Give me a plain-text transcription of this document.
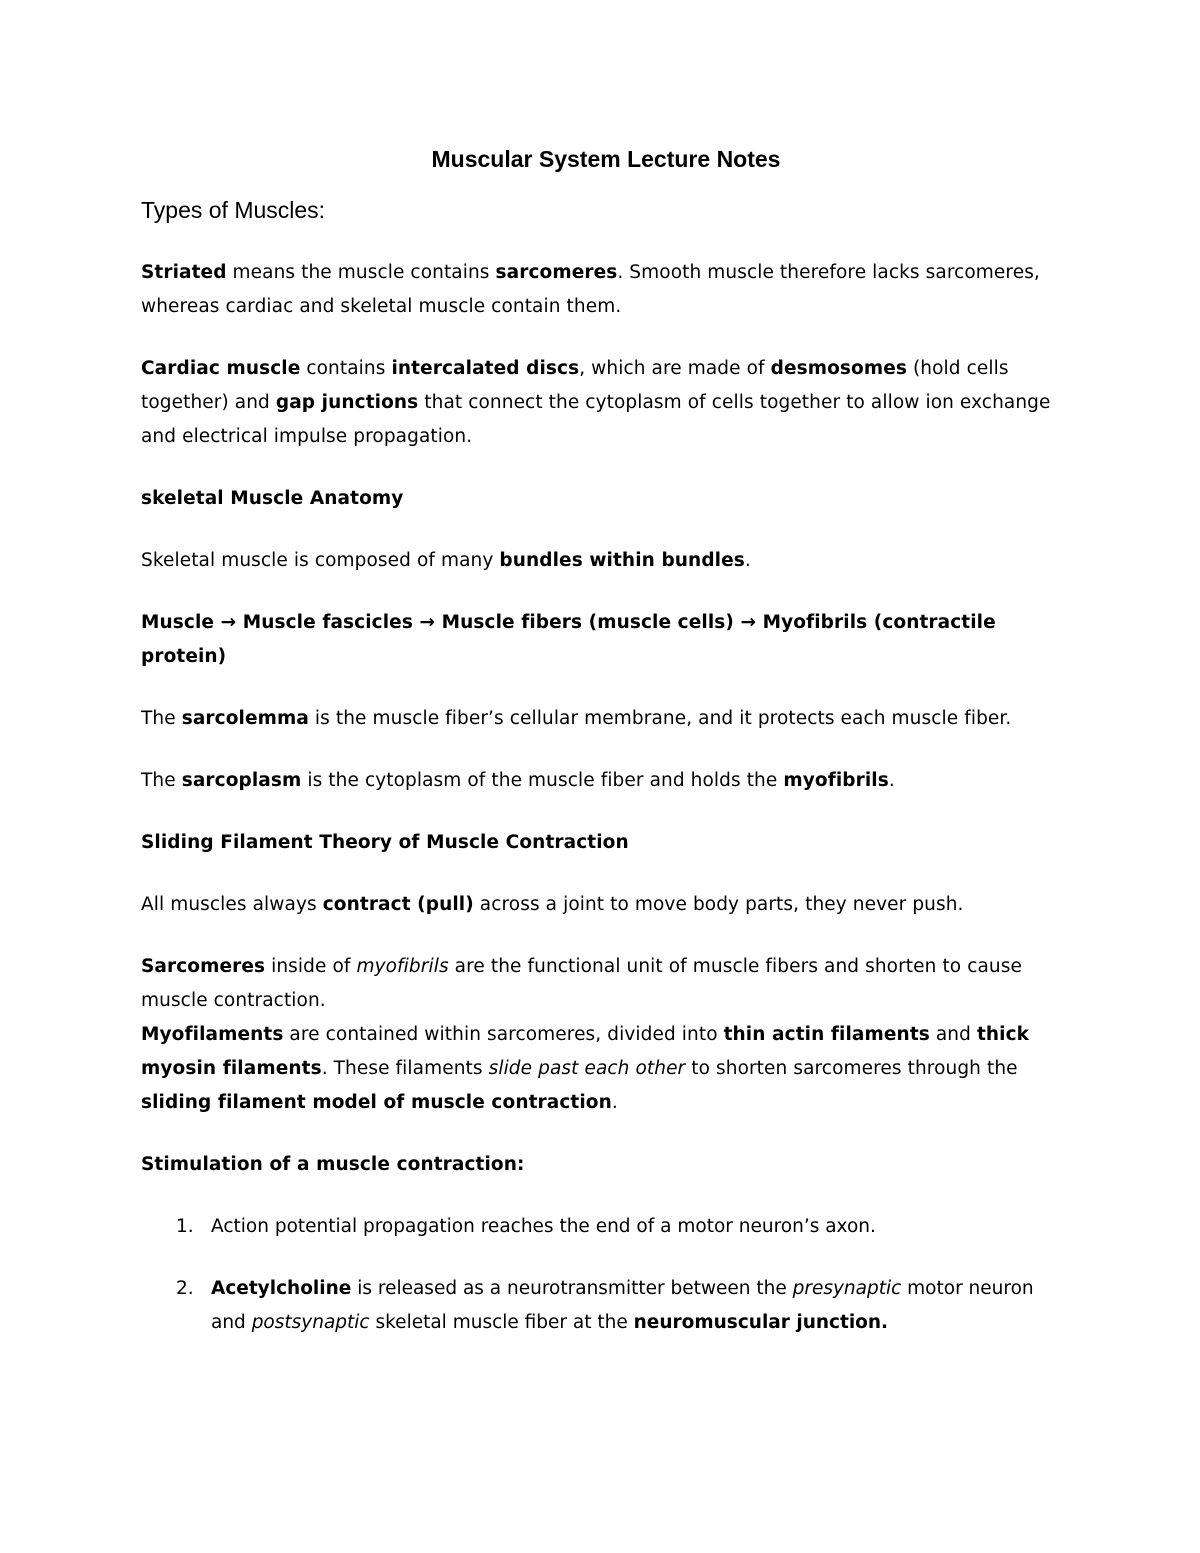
Muscular System Lecture Notes
Types of Muscles:

Striated means the muscle contains sarcomeres. Smooth muscle therefore lacks sarcomeres, whereas cardiac and skeletal muscle contain them.

Cardiac muscle contains intercalated discs, which are made of desmosomes (hold cells together) and gap junctions that connect the cytoplasm of cells together to allow ion exchange and electrical impulse propagation.

skeletal Muscle Anatomy

Skeletal muscle is composed of many bundles within bundles.

Muscle → Muscle fascicles → Muscle fibers (muscle cells) → Myofibrils (contractile protein)

The sarcolemma is the muscle fiber’s cellular membrane, and it protects each muscle fiber.

The sarcoplasm is the cytoplasm of the muscle fiber and holds the myofibrils.

Sliding Filament Theory of Muscle Contraction

All muscles always contract (pull) across a joint to move body parts, they never push.

Sarcomeres inside of myofibrils are the functional unit of muscle fibers and shorten to cause muscle contraction.

Myofilaments are contained within sarcomeres, divided into thin actin filaments and thick myosin filaments. These filaments slide past each other to shorten sarcomeres through the sliding filament model of muscle contraction.

Stimulation of a muscle contraction:

1. Action potential propagation reaches the end of a motor neuron’s axon.
2. Acetylcholine is released as a neurotransmitter between the presynaptic motor neuron and postsynaptic skeletal muscle fiber at the neuromuscular junction.
